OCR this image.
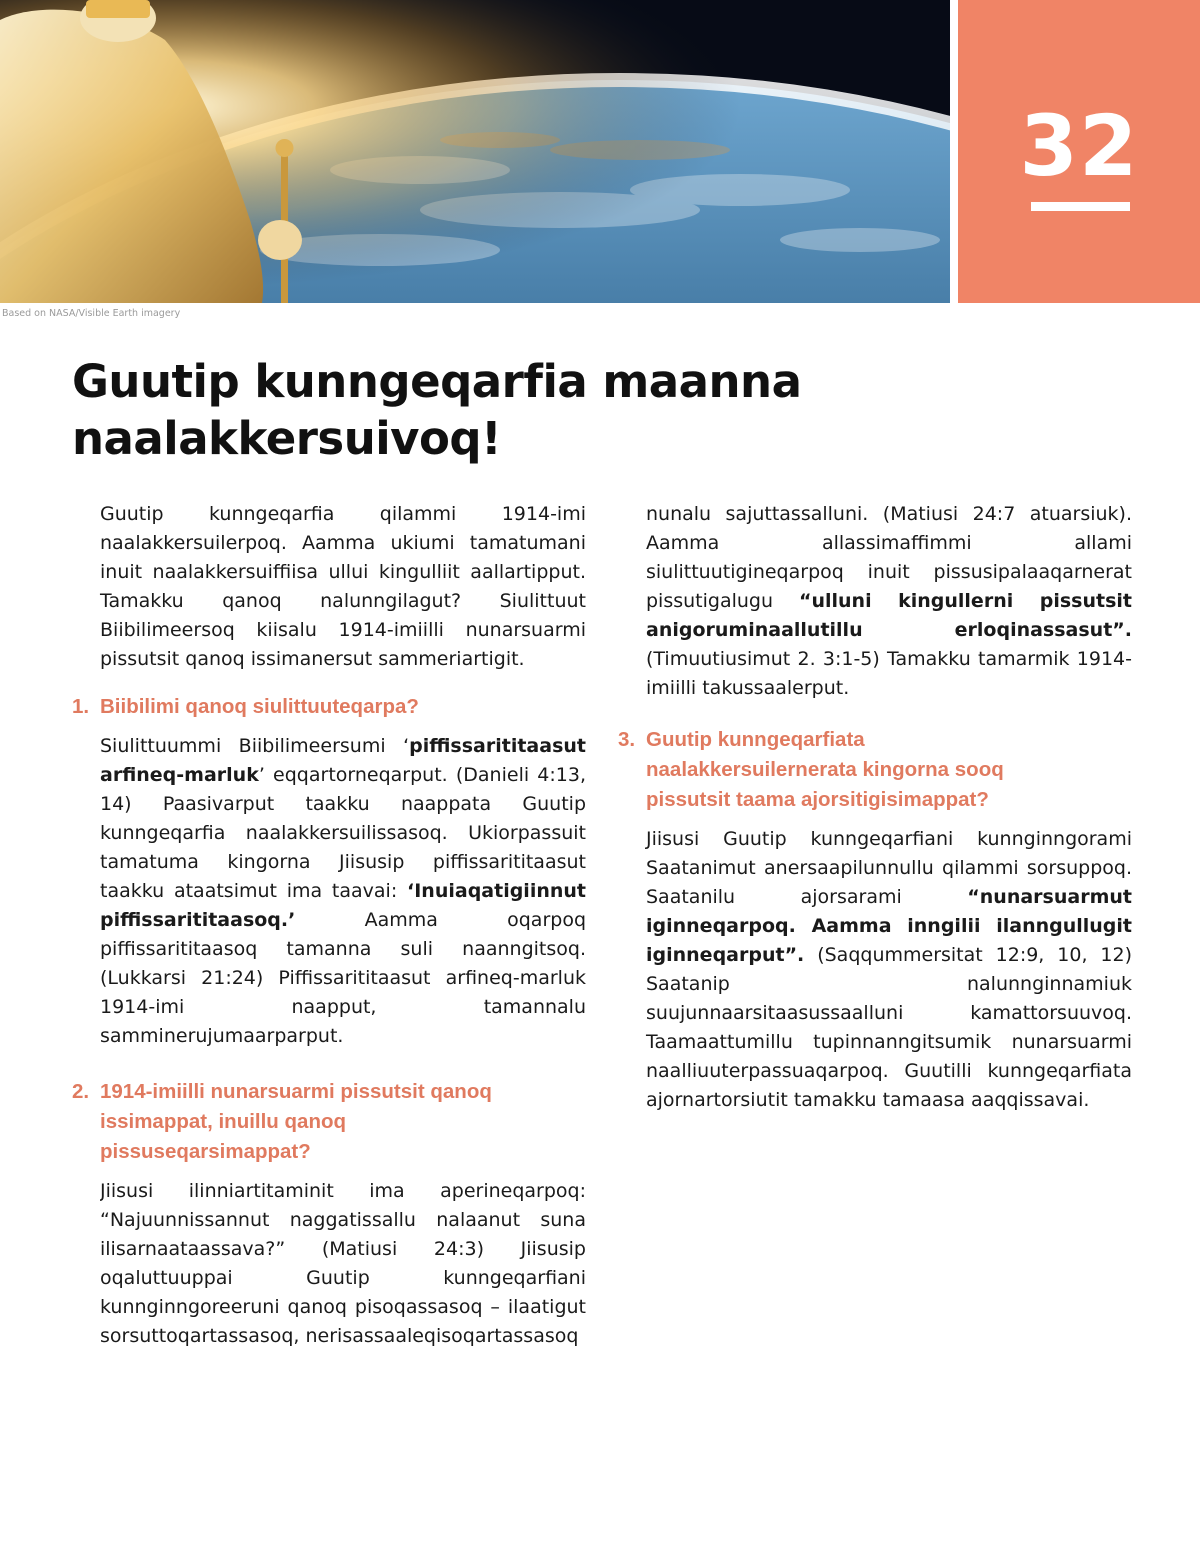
32
Based on NASA/Visible Earth imagery
Guutip kunngeqarfia maanna naalakkersuivoq!

Guutip kunngeqarfia qilammi 1914-imi naalakkersuilerpoq. Aamma ukiumi tamatumani inuit naalakkersuiffiisa ullui kingulliit aallartipput. Tamakku qanoq nalunngilagut? Siulittuut Biibilimeersoq kiisalu 1914-imiilli nunarsuarmi pissutsit qanoq issimanersut sammeriartigit.

1. Biibilimi qanoq siulittuuteqarpa?

Siulittuummi Biibilimeersumi ‘piffissarititaasut arfineq-marluk’ eqqartorneqarput. (Danieli 4:13, 14) Paasivarput taakku naappata Guutip kunngeqarfia naalakkersuilissasoq. Ukiorpassuit tamatuma kingorna Jiisusip piffissarititaasut taakku ataatsimut ima taavai: ‘Inuiaqatigiinnut piffissarititaasoq.’ Aamma oqarpoq piffissarititaasoq tamanna suli naanngitsoq. (Lukkarsi 21:24) Piffissarititaasut arfineq-marluk 1914-imi naapput, tamannalu samminerujumaarparput.

2. 1914-imiilli nunarsuarmi pissutsit qanoq issimappat, inuillu qanoq pissuseqarsimappat?

Jiisusi ilinniartitaminit ima aperineqarpoq: “Najuunnissannut naggatissallu nalaanut suna ilisarnaataassava?” (Matiusi 24:3) Jiisusip oqaluttuuppai Guutip kunngeqarfiani kunnginngoreeruni qanoq pisoqassasoq – ilaatigut sorsuttoqartassasoq, nerisassaaleqisoqartassasoq

nunalu sajuttassalluni. (Matiusi 24:7 atuarsiuk). Aamma allassimaffimmi allami siulittuutigineqarpoq inuit pissusipalaaqarnerat pissutigalugu “ulluni kingullerni pissutsit anigoruminaallutillu erloqinassasut”. (Timuutiusimut 2. 3:1-5) Tamakku tamarmik 1914-imiilli takussaalerput.

3. Guutip kunngeqarfiata naalakkersuilernerata kingorna sooq pissutsit taama ajorsitigisimappat?

Jiisusi Guutip kunngeqarfiani kunnginngorami Saatanimut anersaapilunnullu qilammi sorsuppoq. Saatanilu ajorsarami “nunarsuarmut iginneqarpoq. Aamma inngilii ilanngullugit iginneqarput”. (Saqqummersitat 12:9, 10, 12) Saatanip nalunnginnamiuk suujunnaarsitaasussaalluni kamattorsuuvoq. Taamaattumillu tupinnanngitsumik nunarsuarmi naalliuuterpassuaqarpoq. Guutilli kunngeqarfiata ajornartorsiutit tamakku tamaasa aaqqissavai.
